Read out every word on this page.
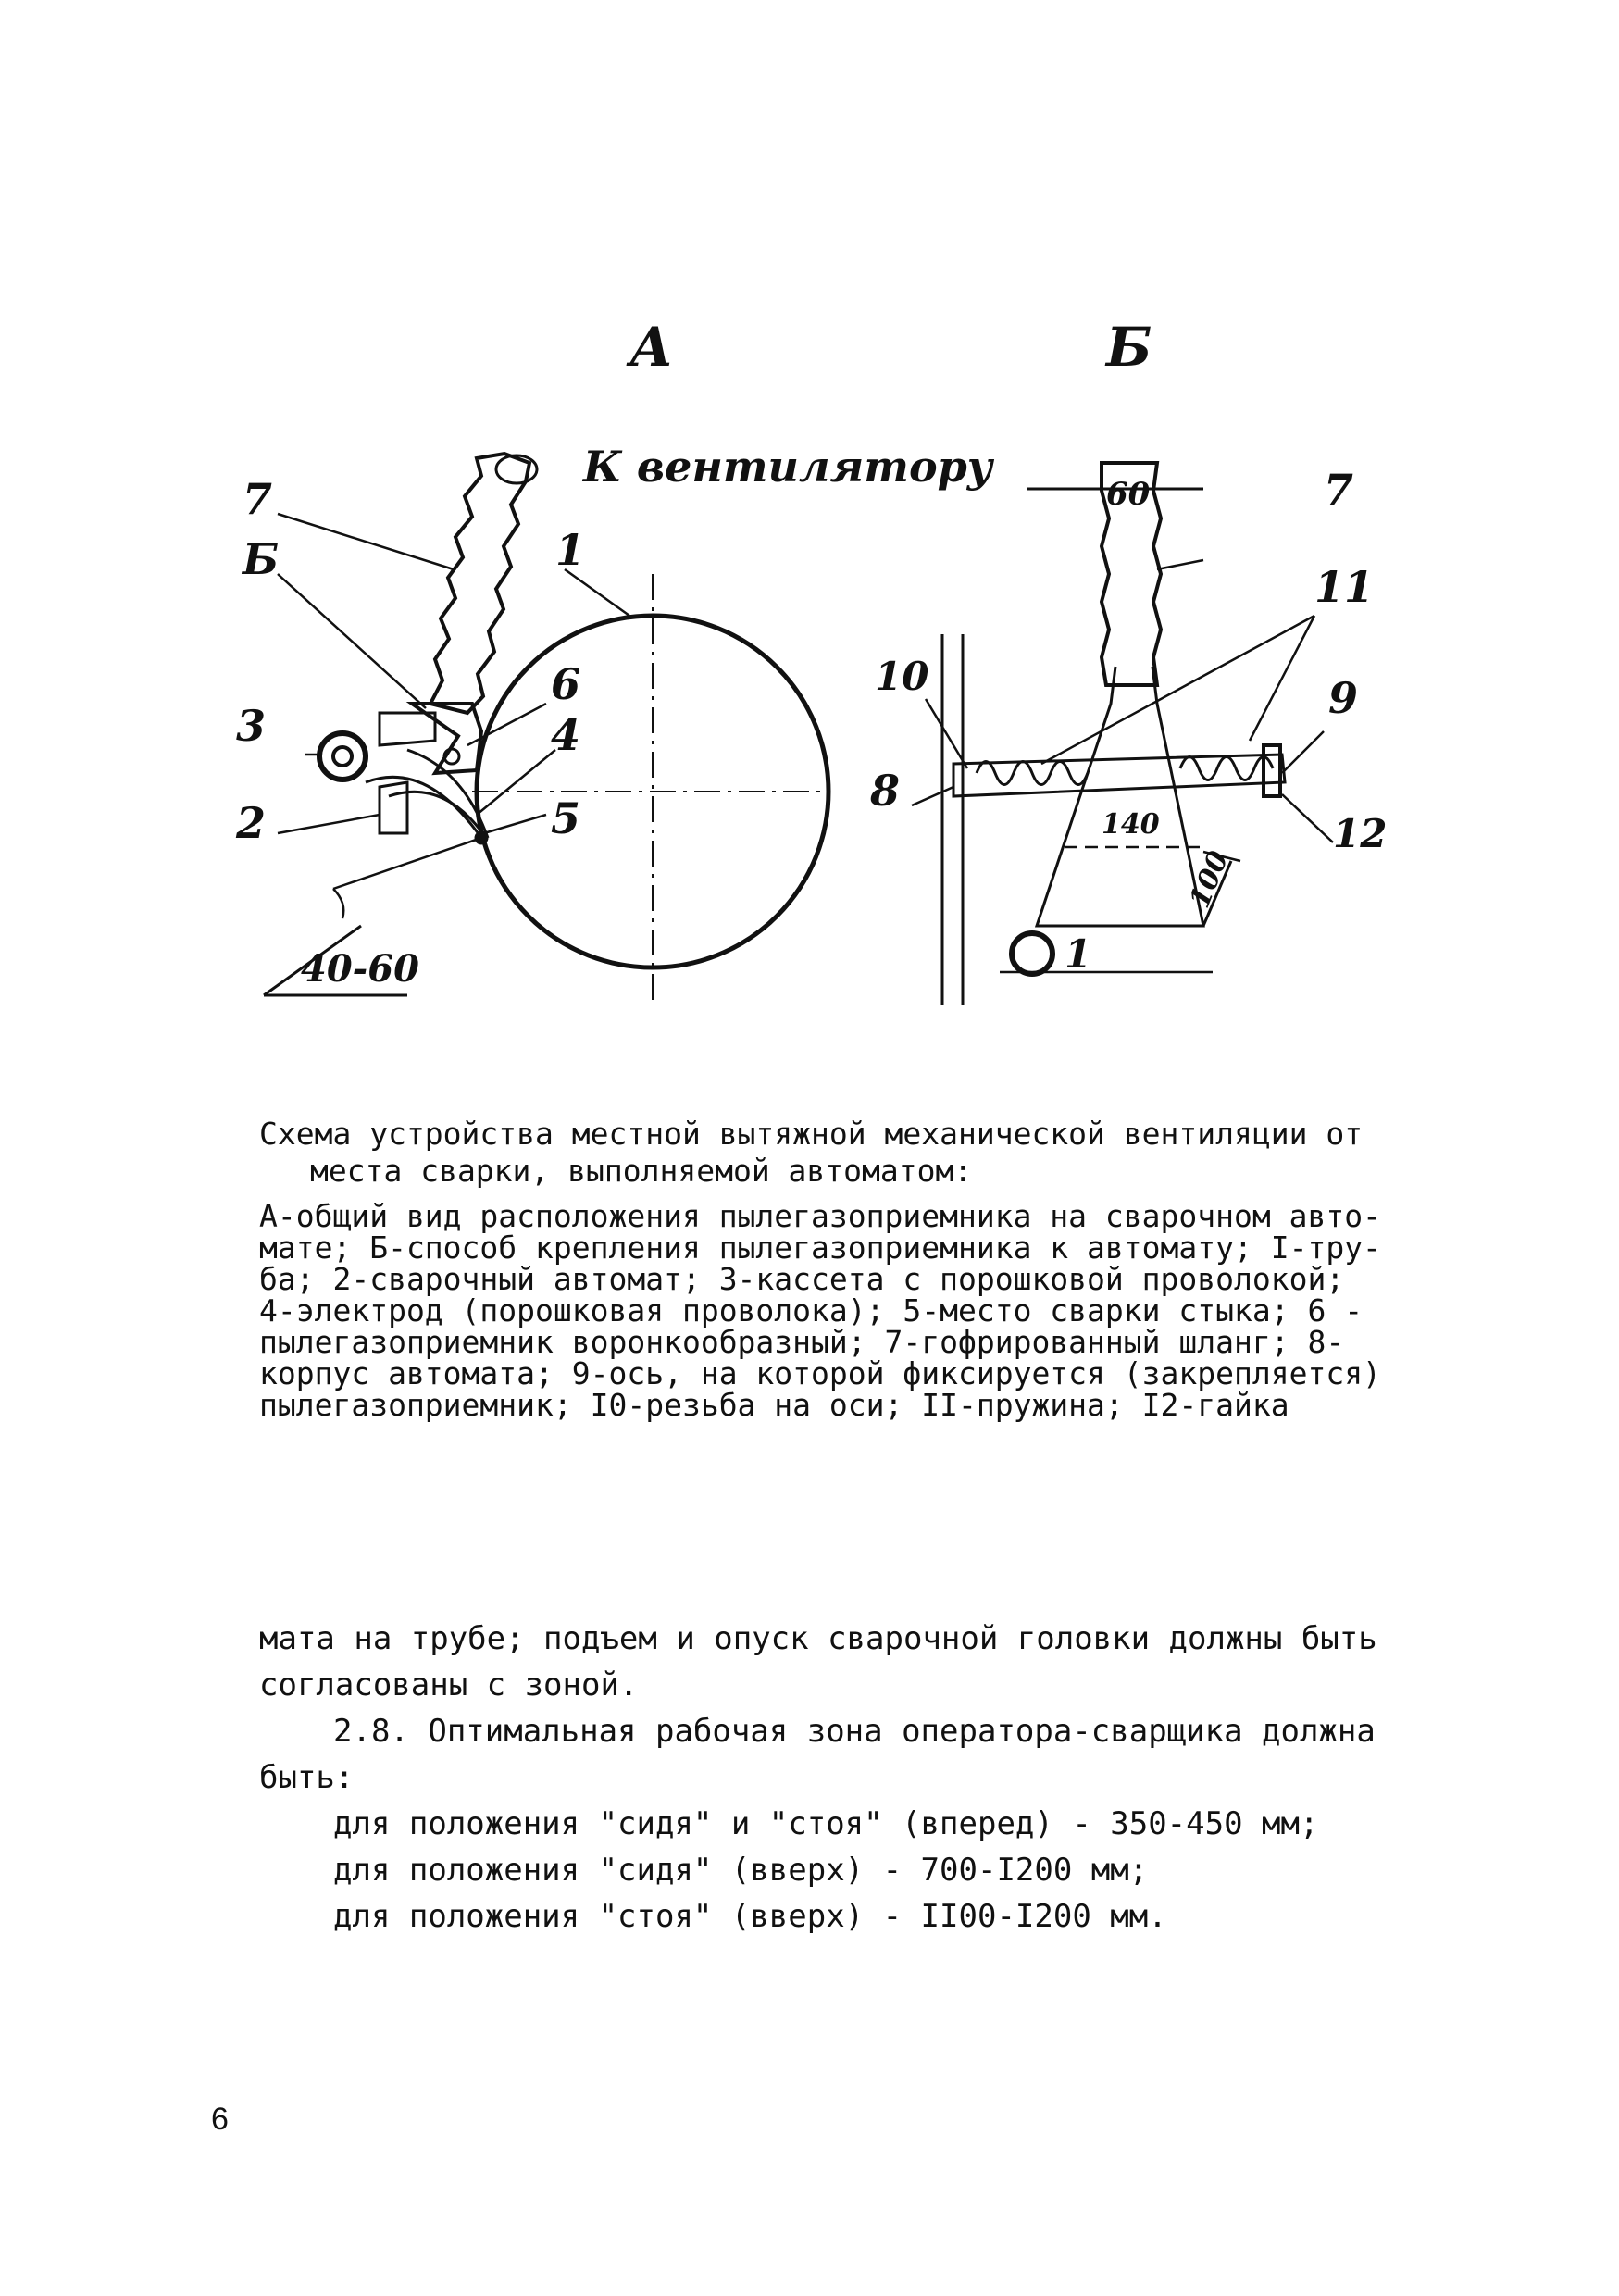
А	Б
К вентилятору
40-60
7
Б
3
2
1
6
4
5
7
11
10
8
9
12
1
60
140
100

Схема устройства местной вытяжной механической вентиляции от
места сварки, выполняемой автоматом:

А-общий вид расположения пылегазоприемника на сварочном авто-
мате; Б-способ крепления пылегазоприемника к автомату; I-тру-
ба; 2-сварочный автомат; 3-кассета с порошковой проволокой;
4-электрод (порошковая проволока); 5-место сварки стыка; 6 -
пылегазоприемник воронкообразный; 7-гофрированный шланг; 8-
корпус автомата; 9-ось, на которой фиксируется (закрепляется)
пылегазоприемник; I0-резьба на оси; II-пружина; I2-гайка

мата на трубе; подъем и опуск сварочной головки должны быть

согласованы с зоной.

2.8. Оптимальная рабочая зона оператора-сварщика должна

быть:

для положения "сидя" и "стоя" (вперед) - 350-450 мм;

для положения "сидя" (вверх) - 700-I200 мм;

для положения "стоя" (вверх) - II00-I200 мм.

6
